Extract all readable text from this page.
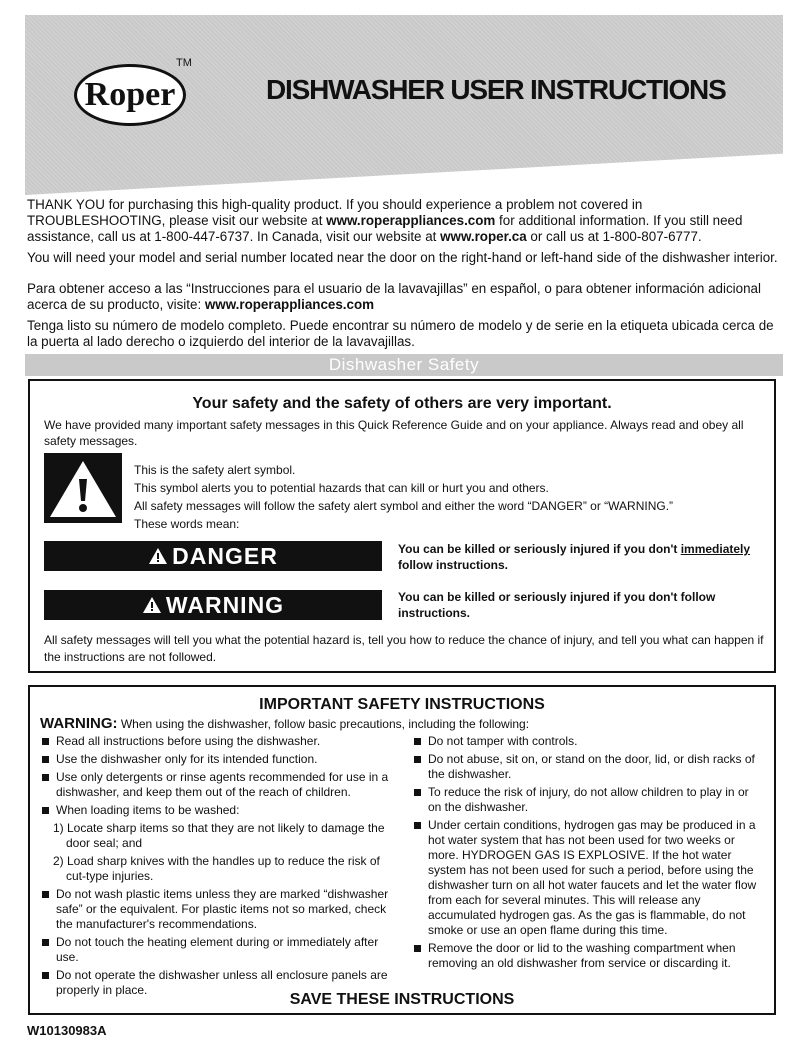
Roper
TM
DISHWASHER USER INSTRUCTIONS

THANK YOU for purchasing this high-quality product. If you should experience a problem not covered in TROUBLESHOOTING, please visit our website at www.roperappliances.com for additional information. If you still need assistance, call us at 1-800-447-6737. In Canada, visit our website at www.roper.ca or call us at 1-800-807-6777.

You will need your model and serial number located near the door on the right-hand or left-hand side of the dishwasher interior.

Para obtener acceso a las “Instrucciones para el usuario de la lavavajillas” en español, o para obtener información adicional acerca de su producto, visite: www.roperappliances.com

Tenga listo su número de modelo completo. Puede encontrar su número de modelo y de serie en la etiqueta ubicada cerca de la puerta al lado derecho o izquierdo del interior de la lavavajillas.

Dishwasher Safety
Your safety and the safety of others are very important.
We have provided many important safety messages in this Quick Reference Guide and on your appliance. Always read and obey all safety messages.
This is the safety alert symbol.
This symbol alerts you to potential hazards that can kill or hurt you and others.
All safety messages will follow the safety alert symbol and either the word “DANGER” or “WARNING.”
These words mean:
DANGER	You can be killed or seriously injured if you don't immediately
follow instructions.
WARNING	You can be killed or seriously injured if you don't follow instructions.
All safety messages will tell you what the potential hazard is, tell you how to reduce the chance of injury, and tell you what can happen if the instructions are not followed.
IMPORTANT SAFETY INSTRUCTIONS
WARNING: When using the dishwasher, follow basic precautions, including the following:
Read all instructions before using the dishwasher.
Use the dishwasher only for its intended function.
Use only detergents or rinse agents recommended for use in a dishwasher, and keep them out of the reach of children.
When loading items to be washed:
1) Locate sharp items so that they are not likely to damage the door seal; and
2) Load sharp knives with the handles up to reduce the risk of cut-type injuries.
Do not wash plastic items unless they are marked “dishwasher safe” or the equivalent. For plastic items not so marked, check the manufacturer's recommendations.
Do not touch the heating element during or immediately after use.
Do not operate the dishwasher unless all enclosure panels are properly in place.
Do not tamper with controls.
Do not abuse, sit on, or stand on the door, lid, or dish racks of the dishwasher.
To reduce the risk of injury, do not allow children to play in or on the dishwasher.
Under certain conditions, hydrogen gas may be produced in a hot water system that has not been used for two weeks or more. HYDROGEN GAS IS EXPLOSIVE. If the hot water system has not been used for such a period, before using the dishwasher turn on all hot water faucets and let the water flow from each for several minutes. This will release any accumulated hydrogen gas. As the gas is flammable, do not smoke or use an open flame during this time.
Remove the door or lid to the washing compartment when removing an old dishwasher from service or discarding it.
SAVE THESE INSTRUCTIONS
W10130983A
